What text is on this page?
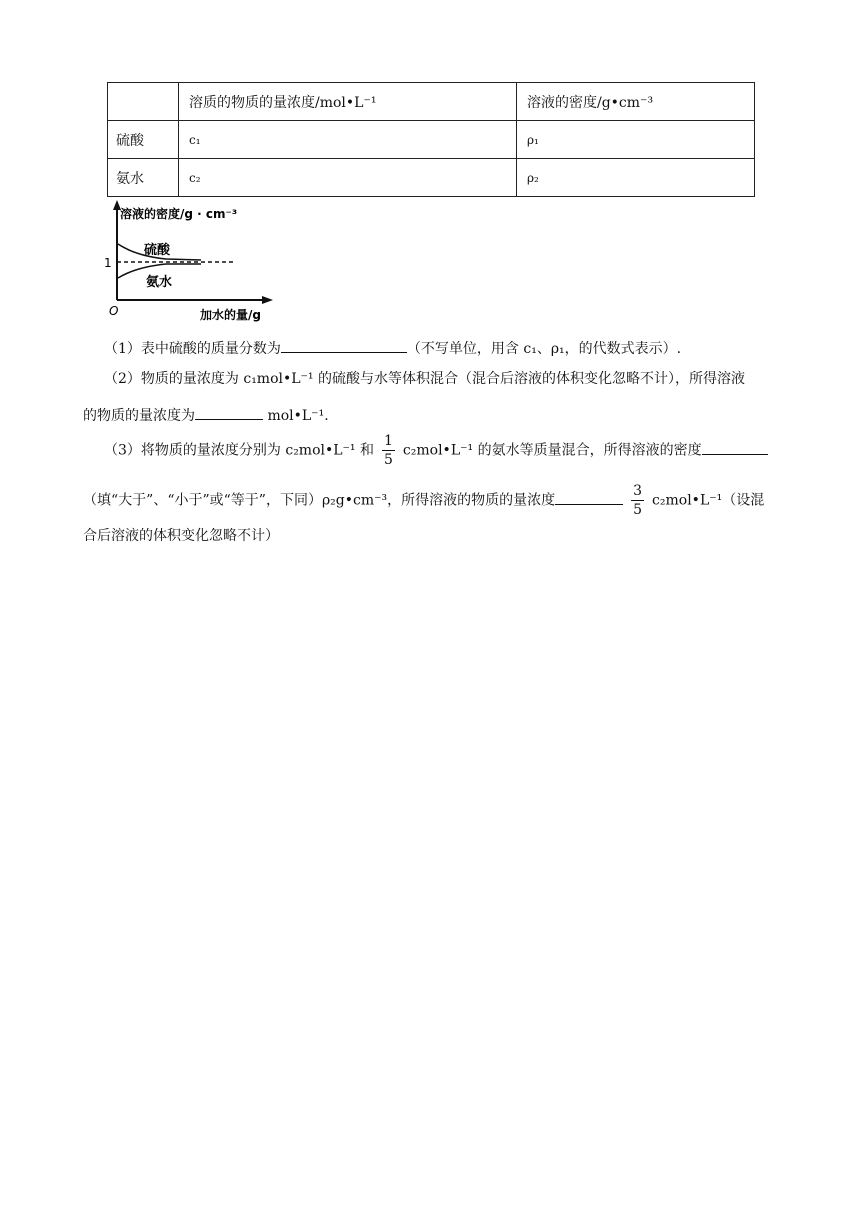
	溶质的物质的量浓度/mol•L⁻¹	溶液的密度/g•cm⁻³
硫酸	c₁	ρ₁
氨水	c₂	ρ₂
溶液的密度/g · cm⁻³
O
1
硫酸
氨水
加水的量/g
（1）表中硫酸的质量分数为	（不写单位，用含 c₁、ρ₁，的代数式表示）.
（2）物质的量浓度为 c₁mol•L⁻¹ 的硫酸与水等体积混合（混合后溶液的体积变化忽略不计），所得溶液
的物质的量浓度为	mol•L⁻¹.
（3）将物质的量浓度分别为 c₂mol•L⁻¹ 和 $\frac{1}{5}$ c₂mol•L⁻¹ 的氨水等质量混合，所得溶液的密度
（填“大于”、“小于”或“等于”，下同）ρ₂g•cm⁻³，所得溶液的物质的量浓度	$\frac{3}{5}$ c₂mol•L⁻¹（设混
合后溶液的体积变化忽略不计）
